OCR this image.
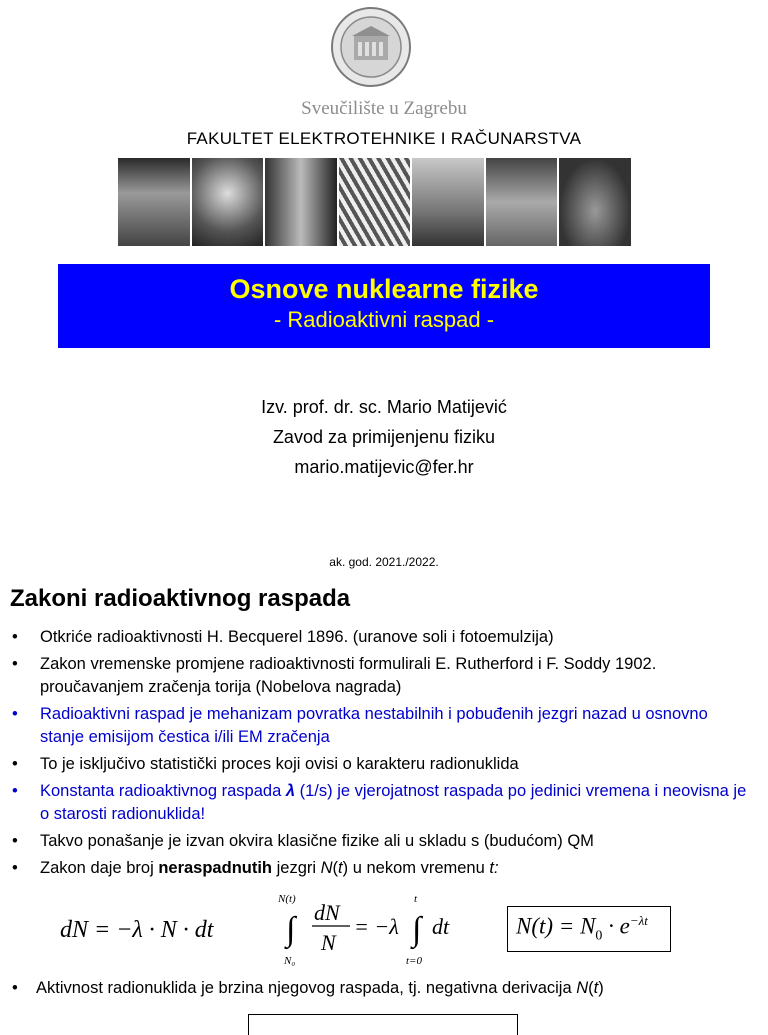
Sveučilište u Zagrebu
FAKULTET ELEKTROTEHNIKE I RAČUNARSTVA
Osnove nuklearne fizike
- Radioaktivni raspad -
Izv. prof. dr. sc. Mario Matijević
Zavod za primijenjenu fiziku
mario.matijevic@fer.hr
ak. god. 2021./2022.
Zakoni radioaktivnog raspada
• Otkriće radioaktivnosti H. Becquerel 1896. (uranove soli i fotoemulzija)
• Zakon vremenske promjene radioaktivnosti formulirali E. Rutherford i F. Soddy 1902. proučavanjem zračenja torija (Nobelova nagrada)
• Radioaktivni raspad je mehanizam povratka nestabilnih i pobuđenih jezgri nazad u osnovno stanje emisijom čestica i/ili EM zračenja
• To je isključivo statistički proces koji ovisi o karakteru radionuklida
• Konstanta radioaktivnog raspada λ (1/s) je vjerojatnost raspada po jedinici vremena i neovisna je o starosti radionuklida!
• Takvo ponašanje je izvan okvira klasične fizike ali u skladu s (budućom) QM
• Zakon daje broj neraspadnutih jezgri N(t) u nekom vremenu t:
dN = −λ · N · dt
N(t)
∫
N₀
dN
N
= −λ
t
∫
t=0
dt	$N(t) = N_0 \cdot e^{-\lambda t}$
• Aktivnost radionuklida je brzina njegovog raspada, tj. negativna derivacija N(t)
